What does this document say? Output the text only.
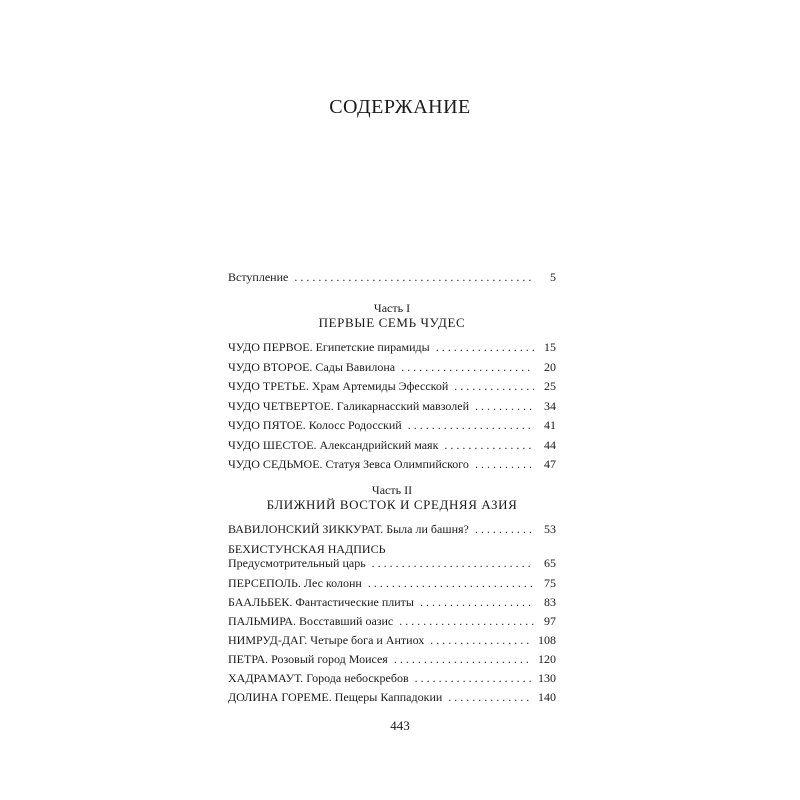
СОДЕРЖАНИЕ
Вступление . . .	5
Часть I
ПЕРВЫЕ СЕМЬ ЧУДЕС
ЧУДО ПЕРВОЕ. Египетские пирамиды . . .	15
ЧУДО ВТОРОЕ. Сады Вавилона . . .	20
ЧУДО ТРЕТЬЕ. Храм Артемиды Эфесской . . .	25
ЧУДО ЧЕТВЕРТОЕ. Галикарнасский мавзолей . . .	34
ЧУДО ПЯТОЕ. Колосс Родосский . . .	41
ЧУДО ШЕСТОЕ. Александрийский маяк . . .	44
ЧУДО СЕДЬМОЕ. Статуя Зевса Олимпийского . . .	47
Часть II
БЛИЖНИЙ ВОСТОК И СРЕДНЯЯ АЗИЯ
ВАВИЛОНСКИЙ ЗИККУРАТ. Была ли башня? . . .	53
БЕХИСТУНСКАЯ НАДПИСЬ
Предусмотрительный царь . . .	65
ПЕРСЕПОЛЬ. Лес колонн . . .	75
БААЛЬБЕК. Фантастические плиты . . .	83
ПАЛЬМИРА. Восставший оазис . . .	97
НИМРУД-ДАГ. Четыре бога и Антиох . . .	108
ПЕТРА. Розовый город Моисея . . .	120
ХАДРАМАУТ. Города небоскребов . . .	130
ДОЛИНА ГОРЕМЕ. Пещеры Каппадокии . . .	140
443
